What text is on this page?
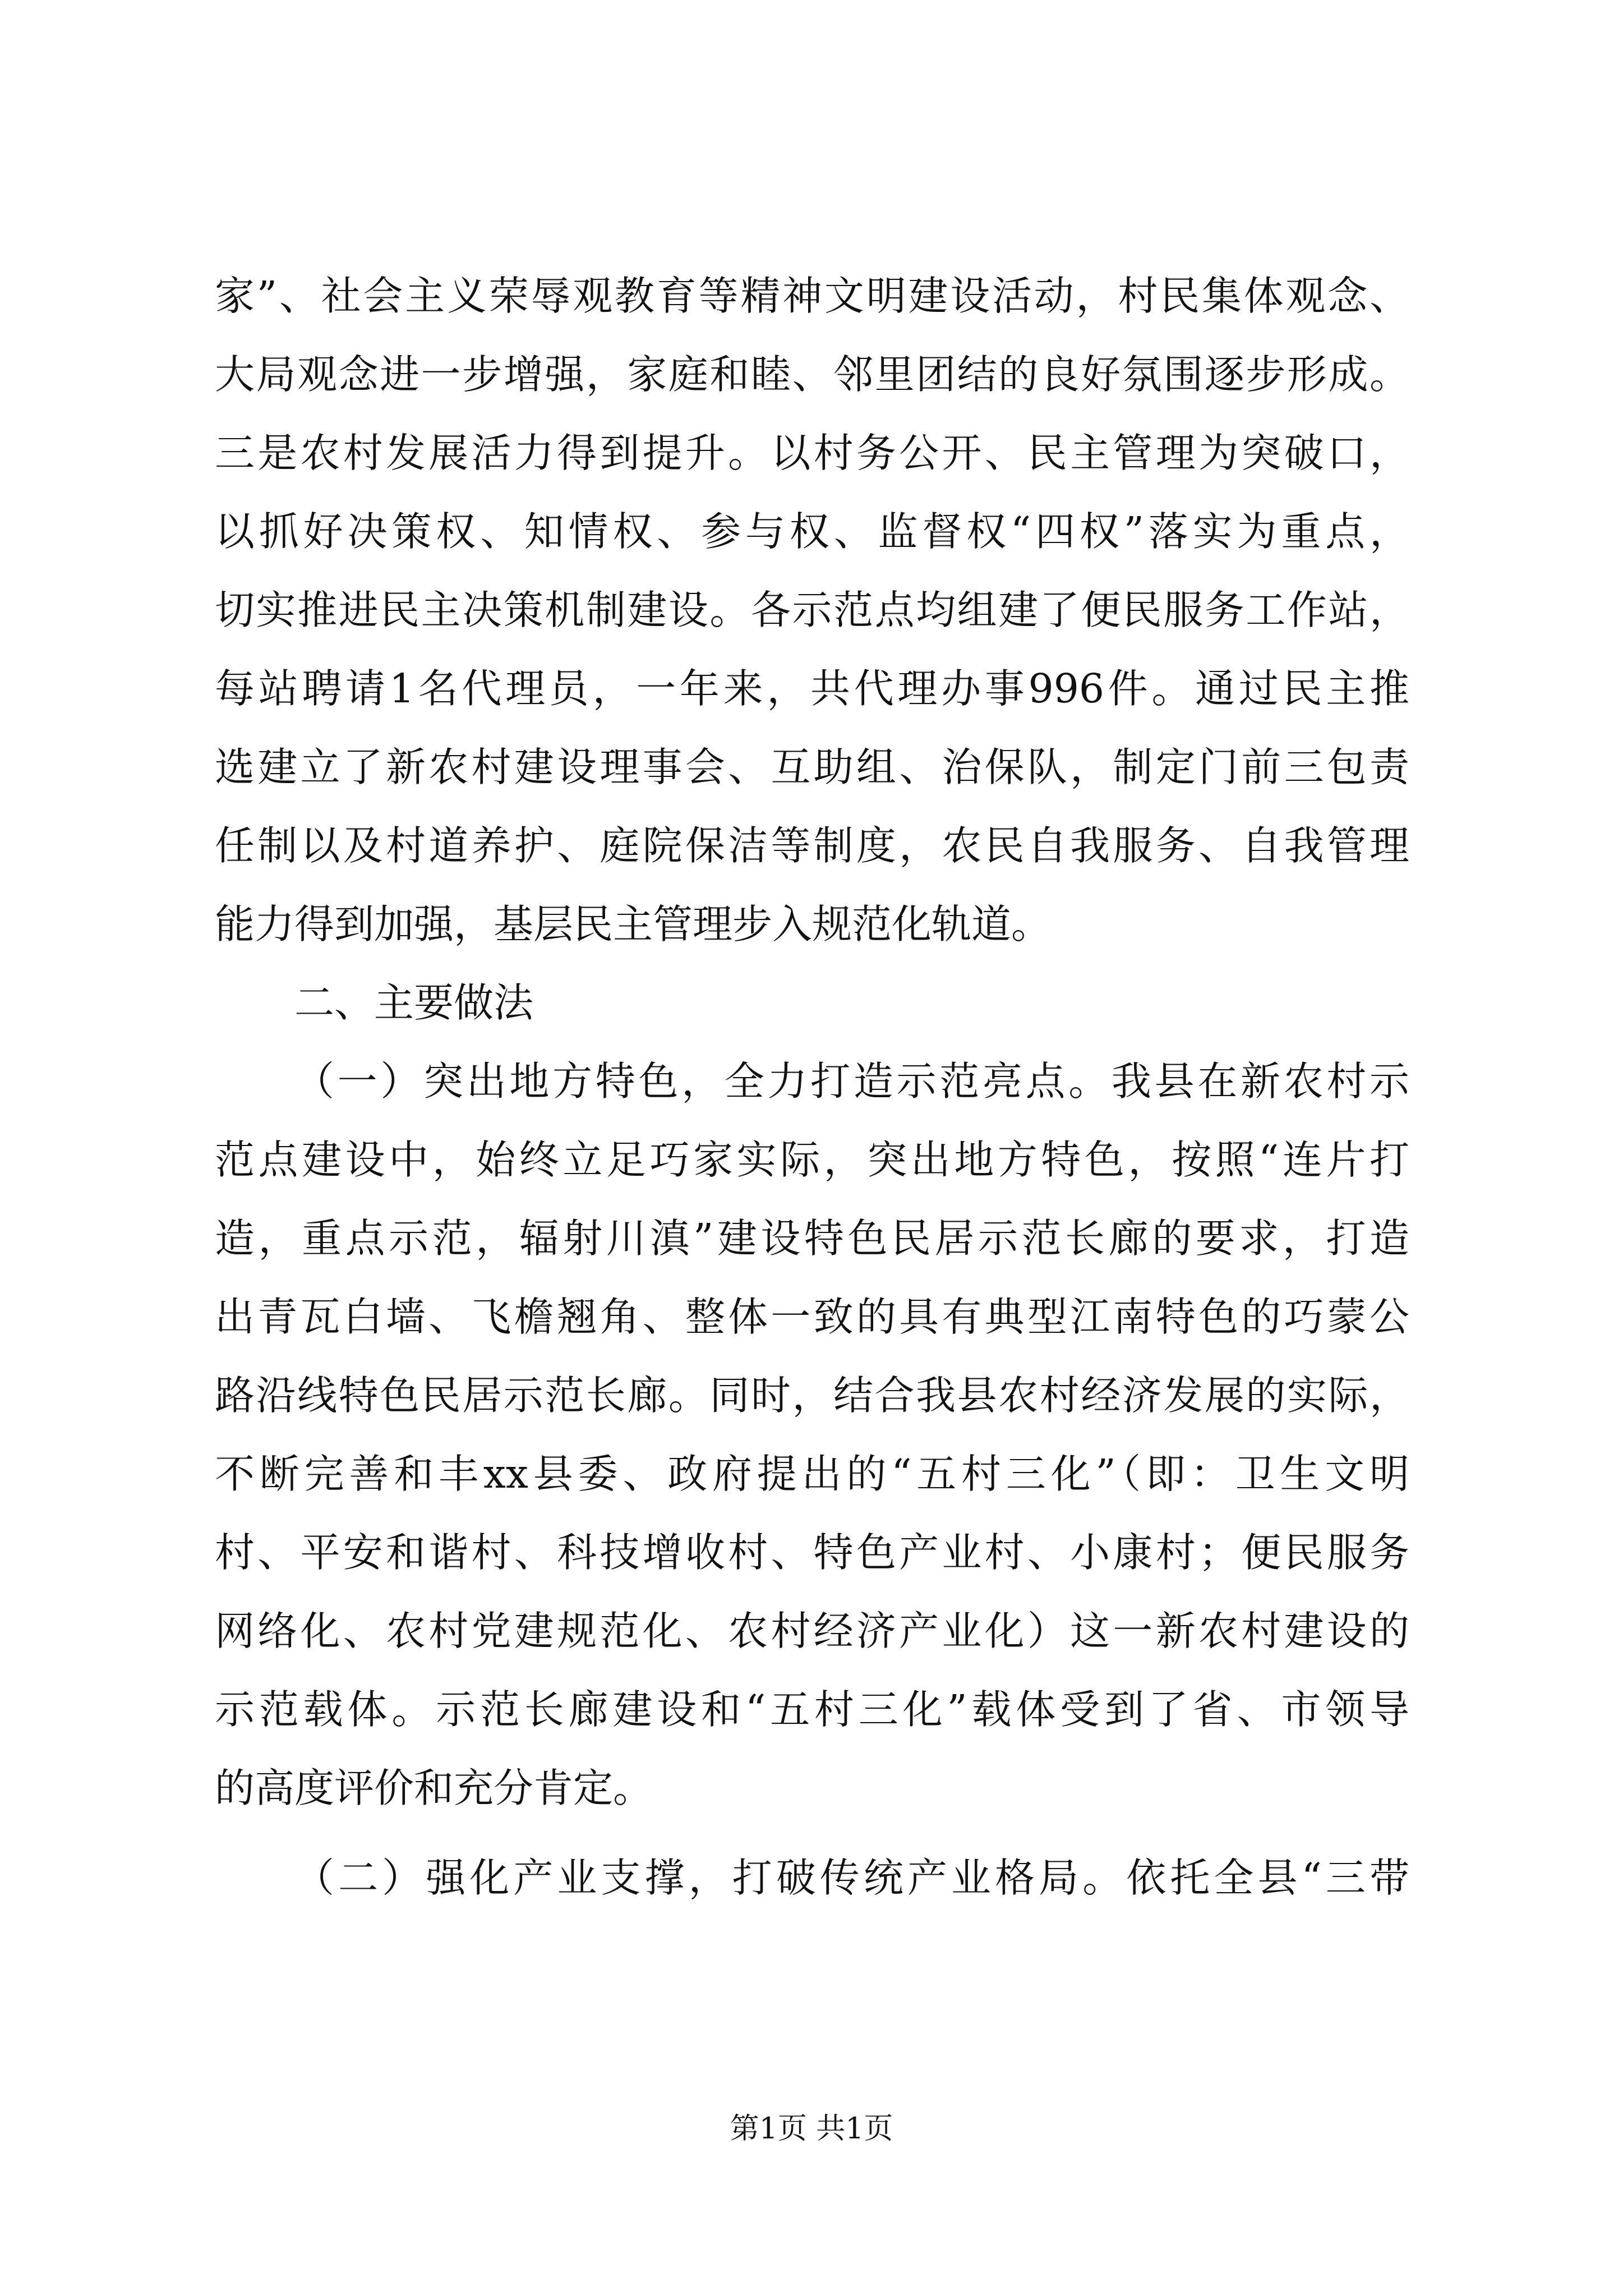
家”、社会主义荣辱观教育等精神文明建设活动，村民集体观念、
大局观念进一步增强，家庭和睦、邻里团结的良好氛围逐步形成。
三是农村发展活力得到提升。以村务公开、民主管理为突破口，
以抓好决策权、知情权、参与权、监督权“四权”落实为重点，
切实推进民主决策机制建设。各示范点均组建了便民服务工作站，
每站聘请1名代理员，一年来，共代理办事996件。通过民主推
选建立了新农村建设理事会、互助组、治保队，制定门前三包责
任制以及村道养护、庭院保洁等制度，农民自我服务、自我管理
能力得到加强，基层民主管理步入规范化轨道。
二、主要做法
（一）突出地方特色，全力打造示范亮点。我县在新农村示
范点建设中，始终立足巧家实际，突出地方特色，按照“连片打
造，重点示范，辐射川滇”建设特色民居示范长廊的要求，打造
出青瓦白墙、飞檐翘角、整体一致的具有典型江南特色的巧蒙公
路沿线特色民居示范长廊。同时，结合我县农村经济发展的实际，
不断完善和丰xx县委、政府提出的“五村三化”（即：卫生文明
村、平安和谐村、科技增收村、特色产业村、小康村；便民服务
网络化、农村党建规范化、农村经济产业化）这一新农村建设的
示范载体。示范长廊建设和“五村三化”载体受到了省、市领导
的高度评价和充分肯定。
（二）强化产业支撑，打破传统产业格局。依托全县“三带
第1页 共1页
